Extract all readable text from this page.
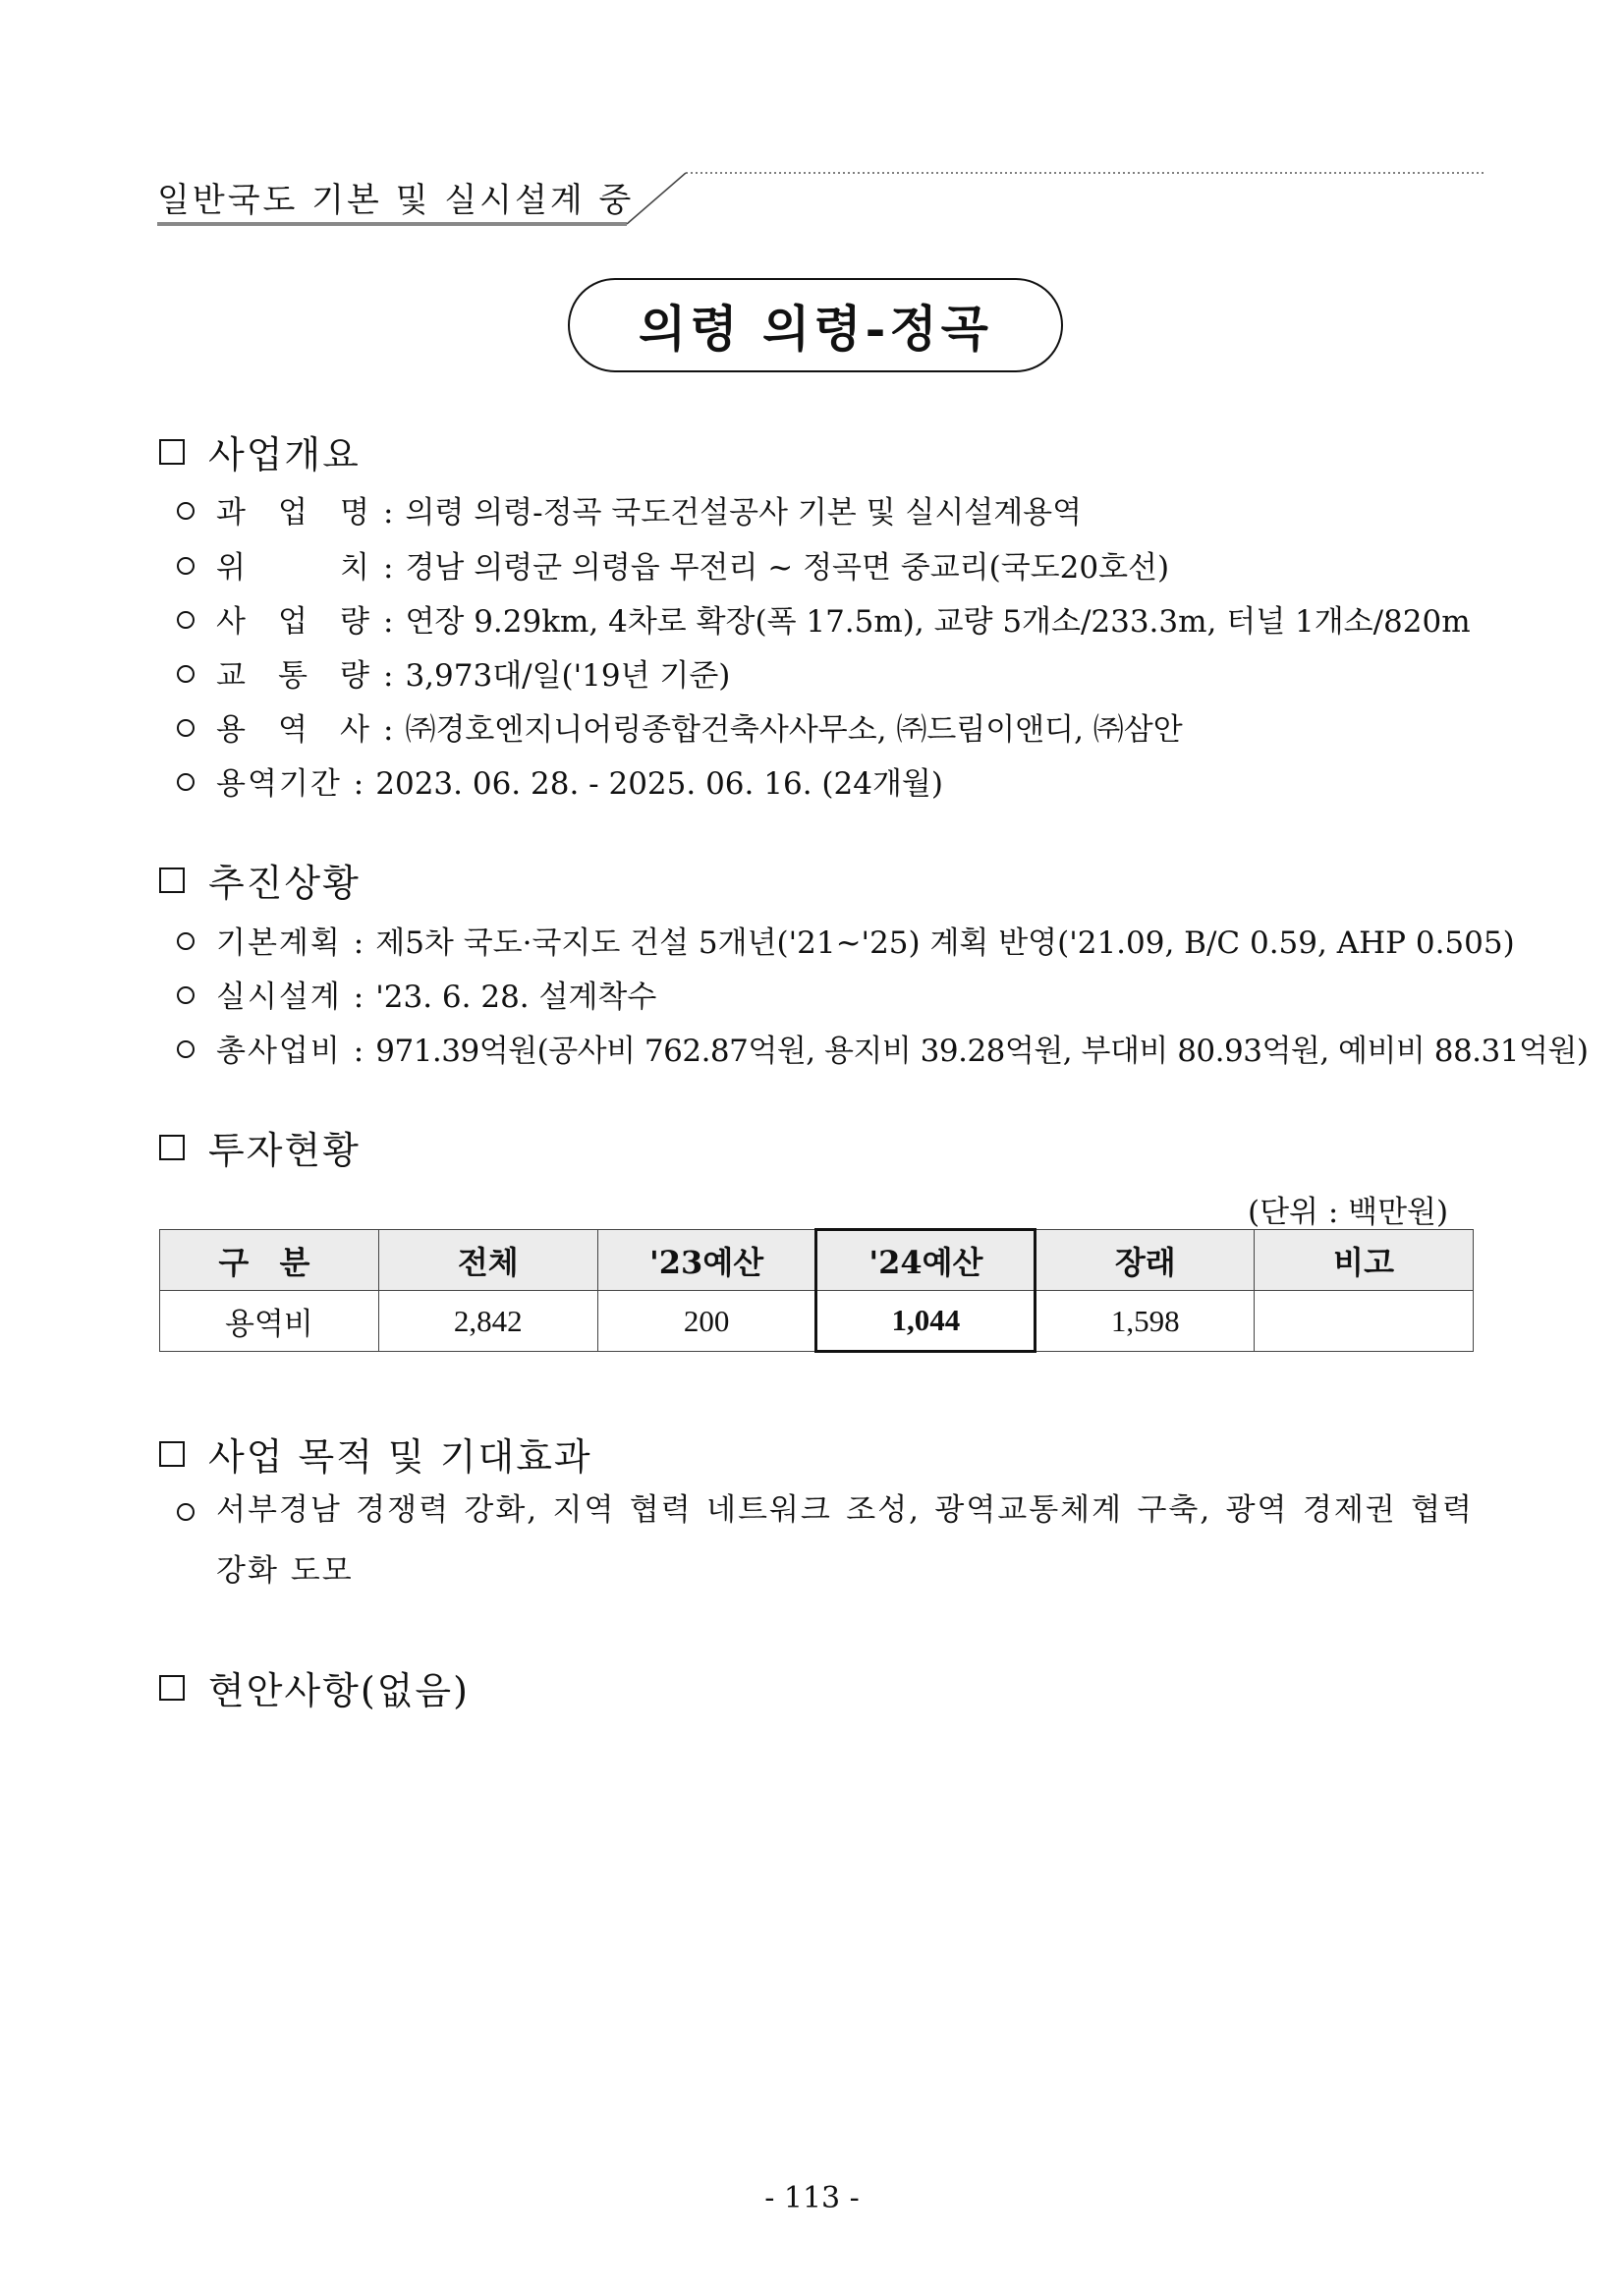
일반국도 기본 및 실시설계 중
의령 의령-정곡
사업개요
과 업 명 : 의령 의령-정곡 국도건설공사 기본 및 실시설계용역
위	치 : 경남 의령군 의령읍 무전리 ~ 정곡면 중교리(국도20호선)
사 업 량 : 연장 9.29km, 4차로 확장(폭 17.5m), 교량 5개소/233.3m, 터널 1개소/820m
교 통 량 : 3,973대/일('19년 기준)
용 역 사 : ㈜경호엔지니어링종합건축사사무소, ㈜드림이앤디, ㈜삼안
용역기간 : 2023. 06. 28. - 2025. 06. 16. (24개월)
추진상황
기본계획 : 제5차 국도·국지도 건설 5개년('21~'25) 계획 반영('21.09, B/C 0.59, AHP 0.505)
실시설계 : '23. 6. 28. 설계착수
총사업비 : 971.39억원(공사비 762.87억원, 용지비 39.28억원, 부대비 80.93억원, 예비비 88.31억원)
투자현황
(단위 : 백만원)
구 분	전체	'23예산	'24예산	장래	비고
용역비	2,842	200	1,044	1,598	
사업 목적 및 기대효과
서부경남 경쟁력 강화, 지역 협력 네트워크 조성, 광역교통체계 구축, 광역 경제권 협력 강화 도모
현안사항(없음)
- 113 -
